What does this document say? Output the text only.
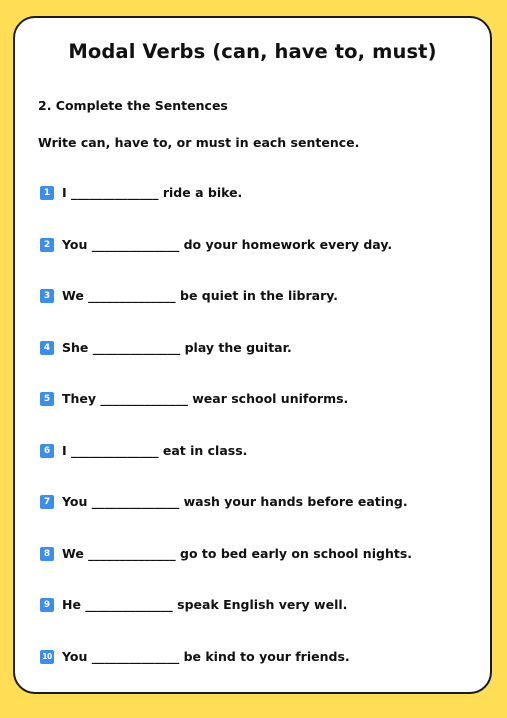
Modal Verbs (can, have to, must)
2. Complete the Sentences
Write can, have to, or must in each sentence.
1 I ______________ ride a bike.
2 You ______________ do your homework every day.
3 We ______________ be quiet in the library.
4 She ______________ play the guitar.
5 They ______________ wear school uniforms.
6 I ______________ eat in class.
7 You ______________ wash your hands before eating.
8 We ______________ go to bed early on school nights.
9 He ______________ speak English very well.
10 You ______________ be kind to your friends.
